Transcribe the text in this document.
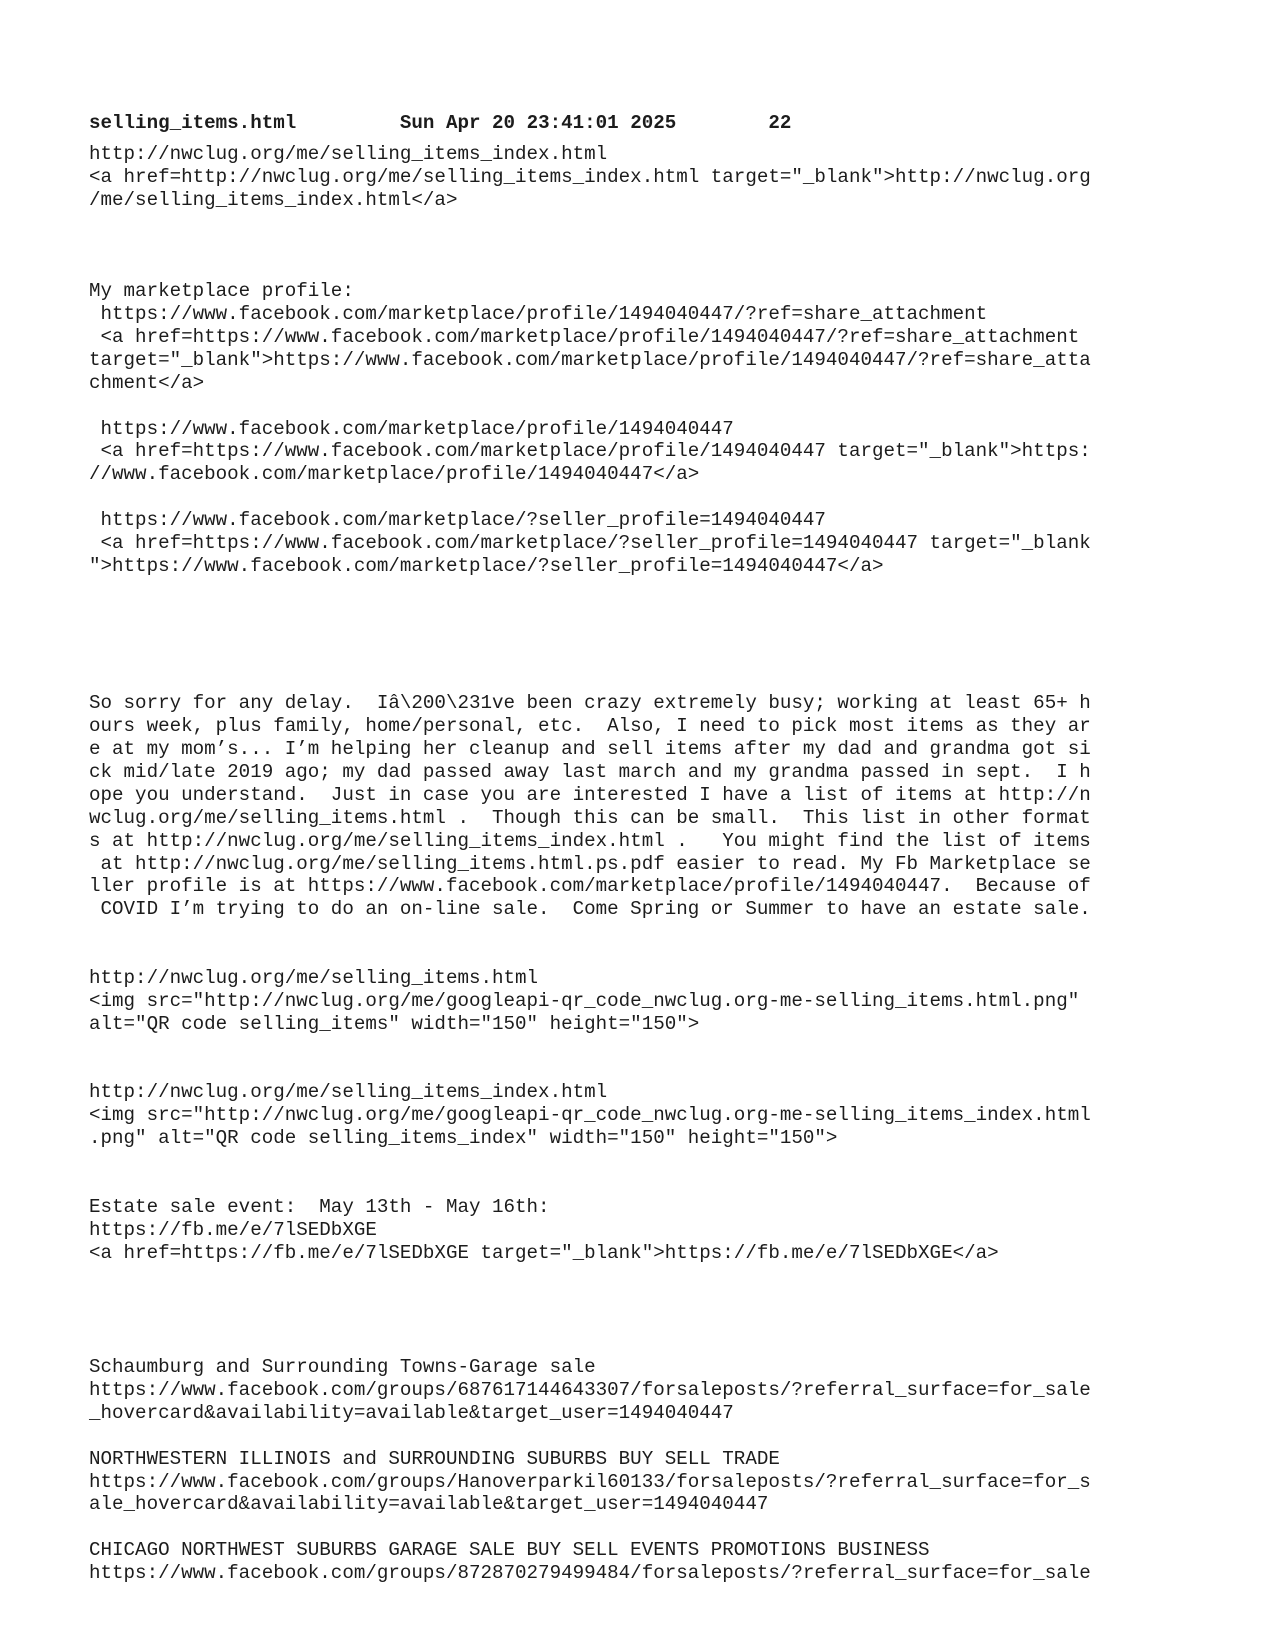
selling_items.html	Sun Apr 20 23:41:01 2025	22
http://nwclug.org/me/selling_items_index.html
<a href=http://nwclug.org/me/selling_items_index.html target="_blank">http://nwclug.org
/me/selling_items_index.html</a>
My marketplace profile:
https://www.facebook.com/marketplace/profile/1494040447/?ref=share_attachment
<a href=https://www.facebook.com/marketplace/profile/1494040447/?ref=share_attachment
target="_blank">https://www.facebook.com/marketplace/profile/1494040447/?ref=share_atta
chment</a>
https://www.facebook.com/marketplace/profile/1494040447
<a href=https://www.facebook.com/marketplace/profile/1494040447 target="_blank">https:
//www.facebook.com/marketplace/profile/1494040447</a>
https://www.facebook.com/marketplace/?seller_profile=1494040447
<a href=https://www.facebook.com/marketplace/?seller_profile=1494040447 target="_blank
">https://www.facebook.com/marketplace/?seller_profile=1494040447</a>
So sorry for any delay.  Iâ\200\231ve been crazy extremely busy; working at least 65+ h
ours week, plus family, home/personal, etc.  Also, I need to pick most items as they ar
e at my mom’s... I’m helping her cleanup and sell items after my dad and grandma got si
ck mid/late 2019 ago; my dad passed away last march and my grandma passed in sept.  I h
ope you understand.  Just in case you are interested I have a list of items at http://n
wclug.org/me/selling_items.html .  Though this can be small.  This list in other format
s at http://nwclug.org/me/selling_items_index.html .   You might find the list of items
at http://nwclug.org/me/selling_items.html.ps.pdf easier to read. My Fb Marketplace se
ller profile is at https://www.facebook.com/marketplace/profile/1494040447.  Because of
COVID I’m trying to do an on-line sale.  Come Spring or Summer to have an estate sale.
http://nwclug.org/me/selling_items.html
<img src="http://nwclug.org/me/googleapi-qr_code_nwclug.org-me-selling_items.html.png"
alt="QR code selling_items" width="150" height="150">
http://nwclug.org/me/selling_items_index.html
<img src="http://nwclug.org/me/googleapi-qr_code_nwclug.org-me-selling_items_index.html
.png" alt="QR code selling_items_index" width="150" height="150">
Estate sale event:  May 13th - May 16th:
https://fb.me/e/7lSEDbXGE
<a href=https://fb.me/e/7lSEDbXGE target="_blank">https://fb.me/e/7lSEDbXGE</a>
Schaumburg and Surrounding Towns-Garage sale
https://www.facebook.com/groups/687617144643307/forsaleposts/?referral_surface=for_sale
_hovercard&availability=available&target_user=1494040447
NORTHWESTERN ILLINOIS and SURROUNDING SUBURBS BUY SELL TRADE
https://www.facebook.com/groups/Hanoverparkil60133/forsaleposts/?referral_surface=for_s
ale_hovercard&availability=available&target_user=1494040447
CHICAGO NORTHWEST SUBURBS GARAGE SALE BUY SELL EVENTS PROMOTIONS BUSINESS
https://www.facebook.com/groups/872870279499484/forsaleposts/?referral_surface=for_sale
